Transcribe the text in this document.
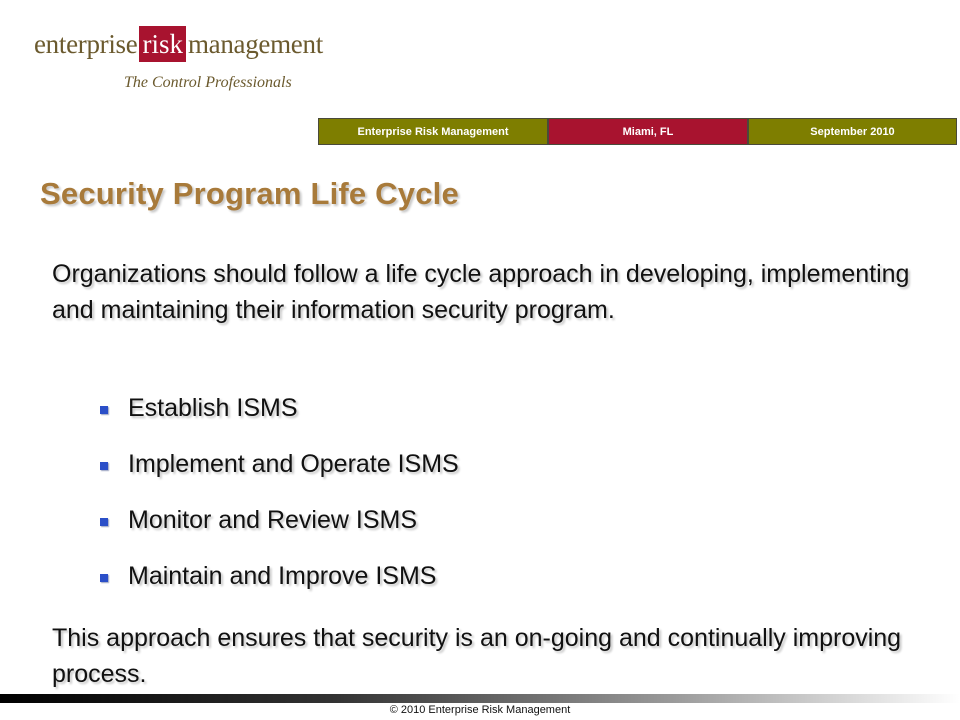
enterprise risk management
The Control Professionals
Enterprise Risk Management	Miami, FL	September 2010
Security Program Life Cycle

Organizations should follow a life cycle approach in developing, implementing and maintaining their information security program.

Establish ISMS
Implement and Operate ISMS
Monitor and Review ISMS
Maintain and Improve ISMS

This approach ensures that security is an on-going and continually improving process.

© 2010 Enterprise Risk Management
